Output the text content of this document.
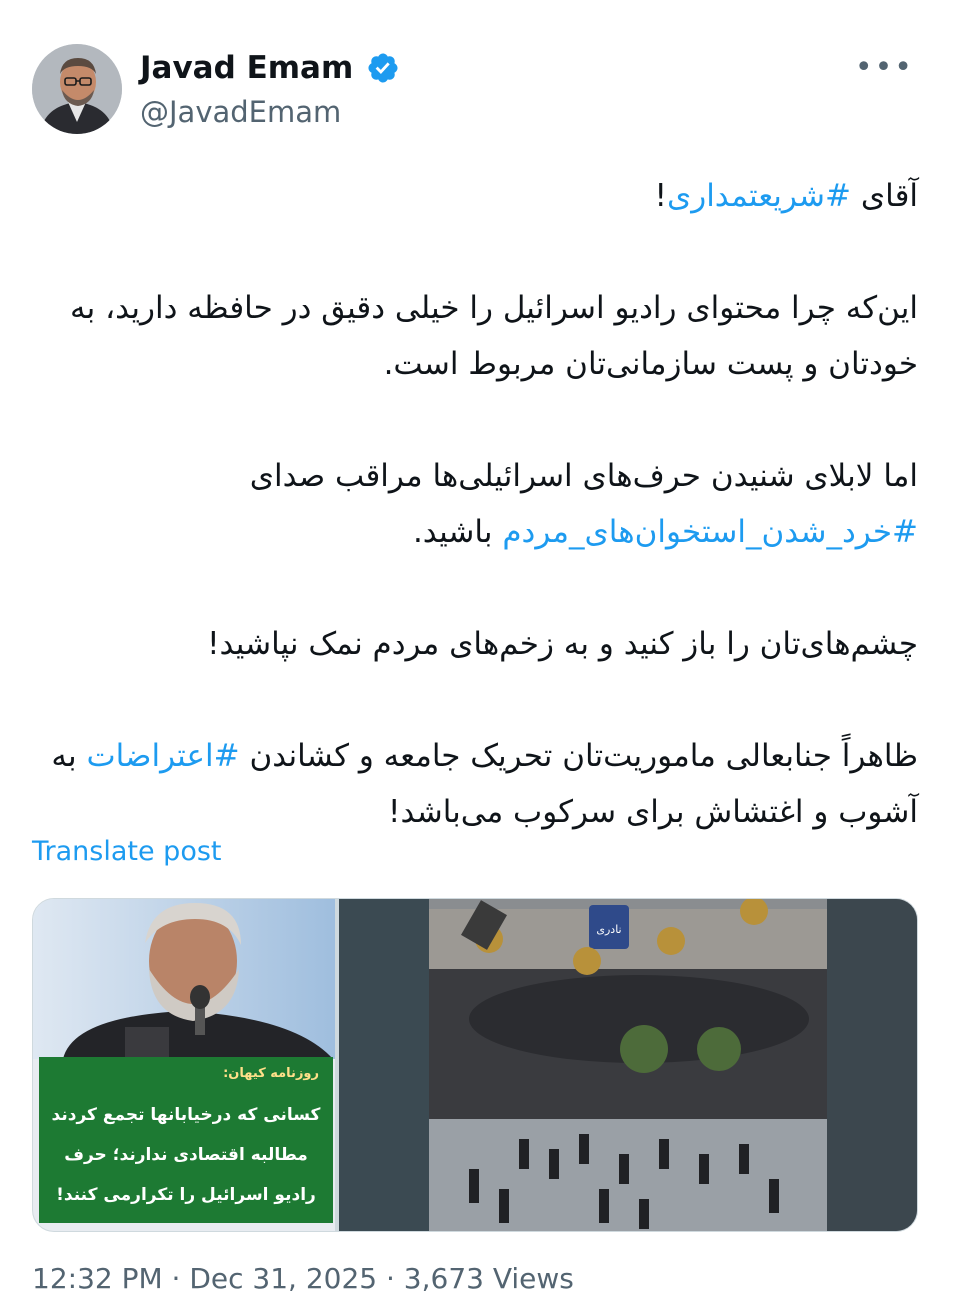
Javad Emam
@JavadEmam
•••

آقای #شریعتمداری!

این‌که چرا محتوای رادیو اسرائیل را خیلی دقیق در حافظه دارید، به خودتان و پست سازمانی‌تان مربوط است.

اما لابلای شنیدن حرف‌های اسرائیلی‌ها مراقب صدای #خرد_شدن_استخوان‌های_مردم باشید.

چشم‌های‌تان را باز کنید و به زخم‌های مردم نمک نپاشید!

ظاهراً جنابعالی ماموریت‌تان تحریک جامعه و کشاندن #اعتراضات به آشوب و اغتشاش برای سرکوب می‌باشد!

Translate post
روزنامه کیهان:
کسانی که درخیابانها تجمع کردند مطالبه اقتصادی ندارند؛ حرف رادیو اسرائیل را تکرارمی کنند!
نادری
12:32 PM · Dec 31, 2025 · 3,673 Views
